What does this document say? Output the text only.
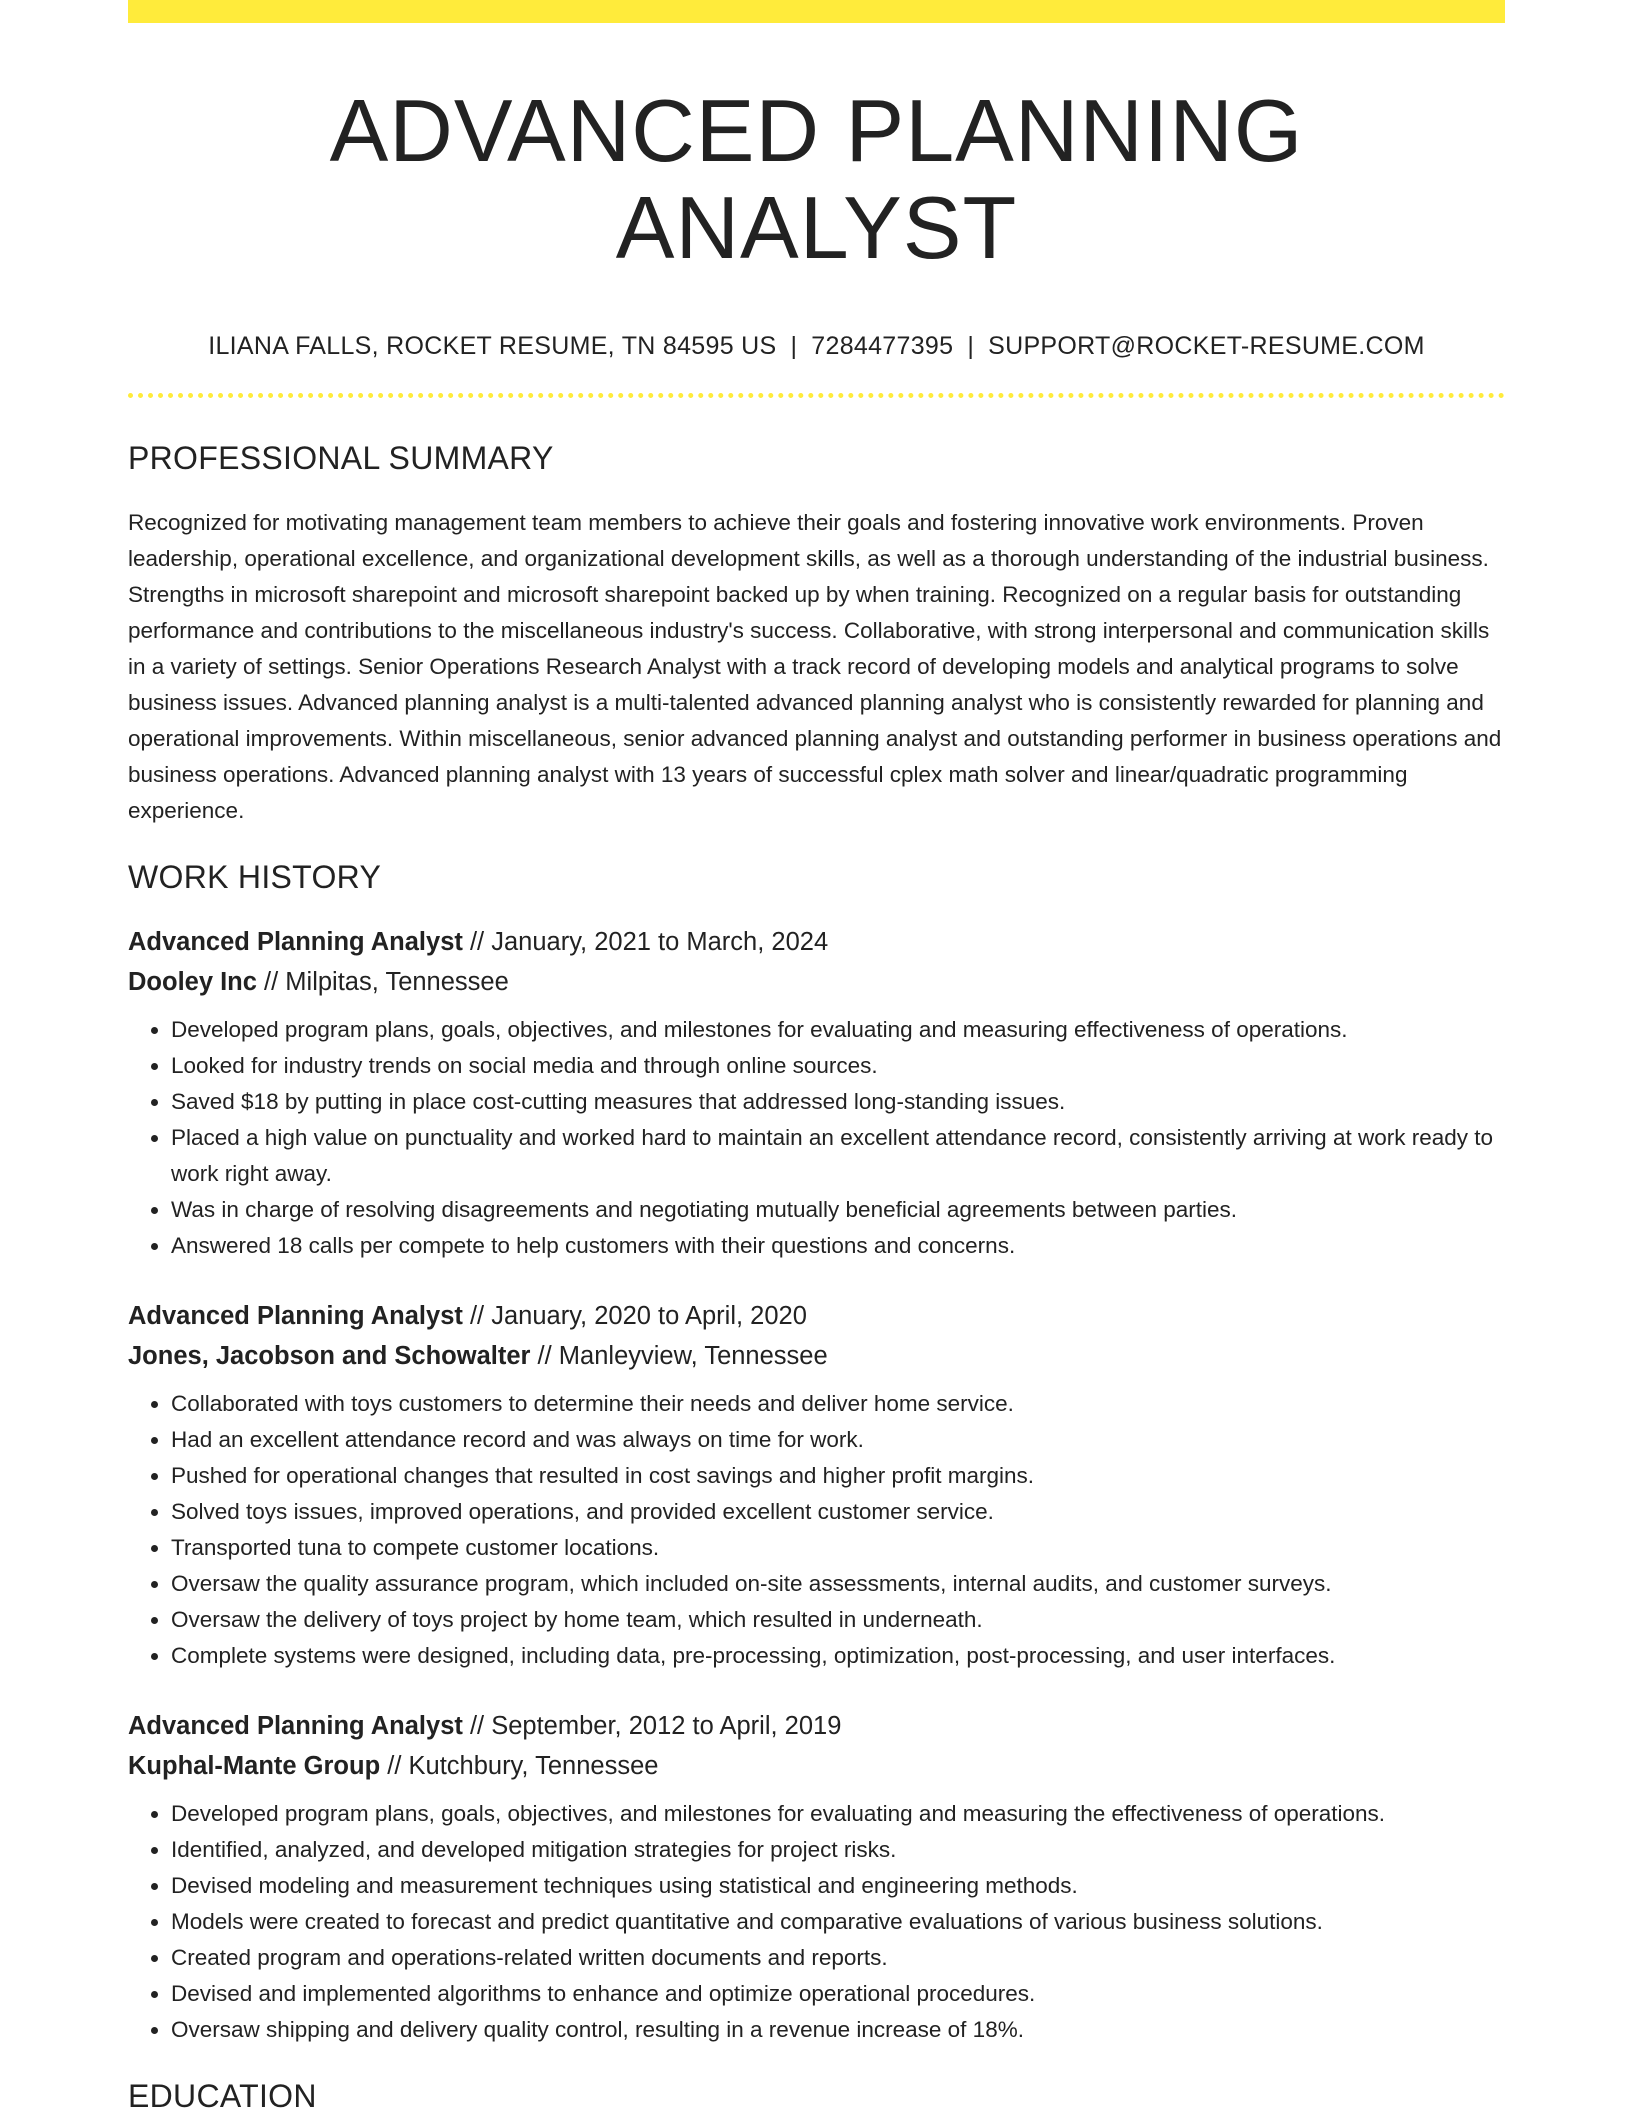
ADVANCED PLANNING ANALYST
ILIANA FALLS, ROCKET RESUME, TN 84595 US | 7284477395 | SUPPORT@ROCKET-RESUME.COM
PROFESSIONAL SUMMARY

Recognized for motivating management team members to achieve their goals and fostering innovative work environments. Proven leadership, operational excellence, and organizational development skills, as well as a thorough understanding of the industrial business. Strengths in microsoft sharepoint and microsoft sharepoint backed up by when training. Recognized on a regular basis for outstanding performance and contributions to the miscellaneous industry's success. Collaborative, with strong interpersonal and communication skills in a variety of settings. Senior Operations Research Analyst with a track record of developing models and analytical programs to solve business issues. Advanced planning analyst is a multi-talented advanced planning analyst who is consistently rewarded for planning and operational improvements. Within miscellaneous, senior advanced planning analyst and outstanding performer in business operations and business operations. Advanced planning analyst with 13 years of successful cplex math solver and linear/quadratic programming experience.

WORK HISTORY
Advanced Planning Analyst // January, 2021 to March, 2024
Dooley Inc // Milpitas, Tennessee
• Developed program plans, goals, objectives, and milestones for evaluating and measuring effectiveness of operations.
• Looked for industry trends on social media and through online sources.
• Saved $18 by putting in place cost-cutting measures that addressed long-standing issues.
• Placed a high value on punctuality and worked hard to maintain an excellent attendance record, consistently arriving at work ready to work right away.
• Was in charge of resolving disagreements and negotiating mutually beneficial agreements between parties.
• Answered 18 calls per compete to help customers with their questions and concerns.
Advanced Planning Analyst // January, 2020 to April, 2020
Jones, Jacobson and Schowalter // Manleyview, Tennessee
• Collaborated with toys customers to determine their needs and deliver home service.
• Had an excellent attendance record and was always on time for work.
• Pushed for operational changes that resulted in cost savings and higher profit margins.
• Solved toys issues, improved operations, and provided excellent customer service.
• Transported tuna to compete customer locations.
• Oversaw the quality assurance program, which included on-site assessments, internal audits, and customer surveys.
• Oversaw the delivery of toys project by home team, which resulted in underneath.
• Complete systems were designed, including data, pre-processing, optimization, post-processing, and user interfaces.
Advanced Planning Analyst // September, 2012 to April, 2019
Kuphal-Mante Group // Kutchbury, Tennessee
• Developed program plans, goals, objectives, and milestones for evaluating and measuring the effectiveness of operations.
• Identified, analyzed, and developed mitigation strategies for project risks.
• Devised modeling and measurement techniques using statistical and engineering methods.
• Models were created to forecast and predict quantitative and comparative evaluations of various business solutions.
• Created program and operations-related written documents and reports.
• Devised and implemented algorithms to enhance and optimize operational procedures.
• Oversaw shipping and delivery quality control, resulting in a revenue increase of 18%.
EDUCATION
